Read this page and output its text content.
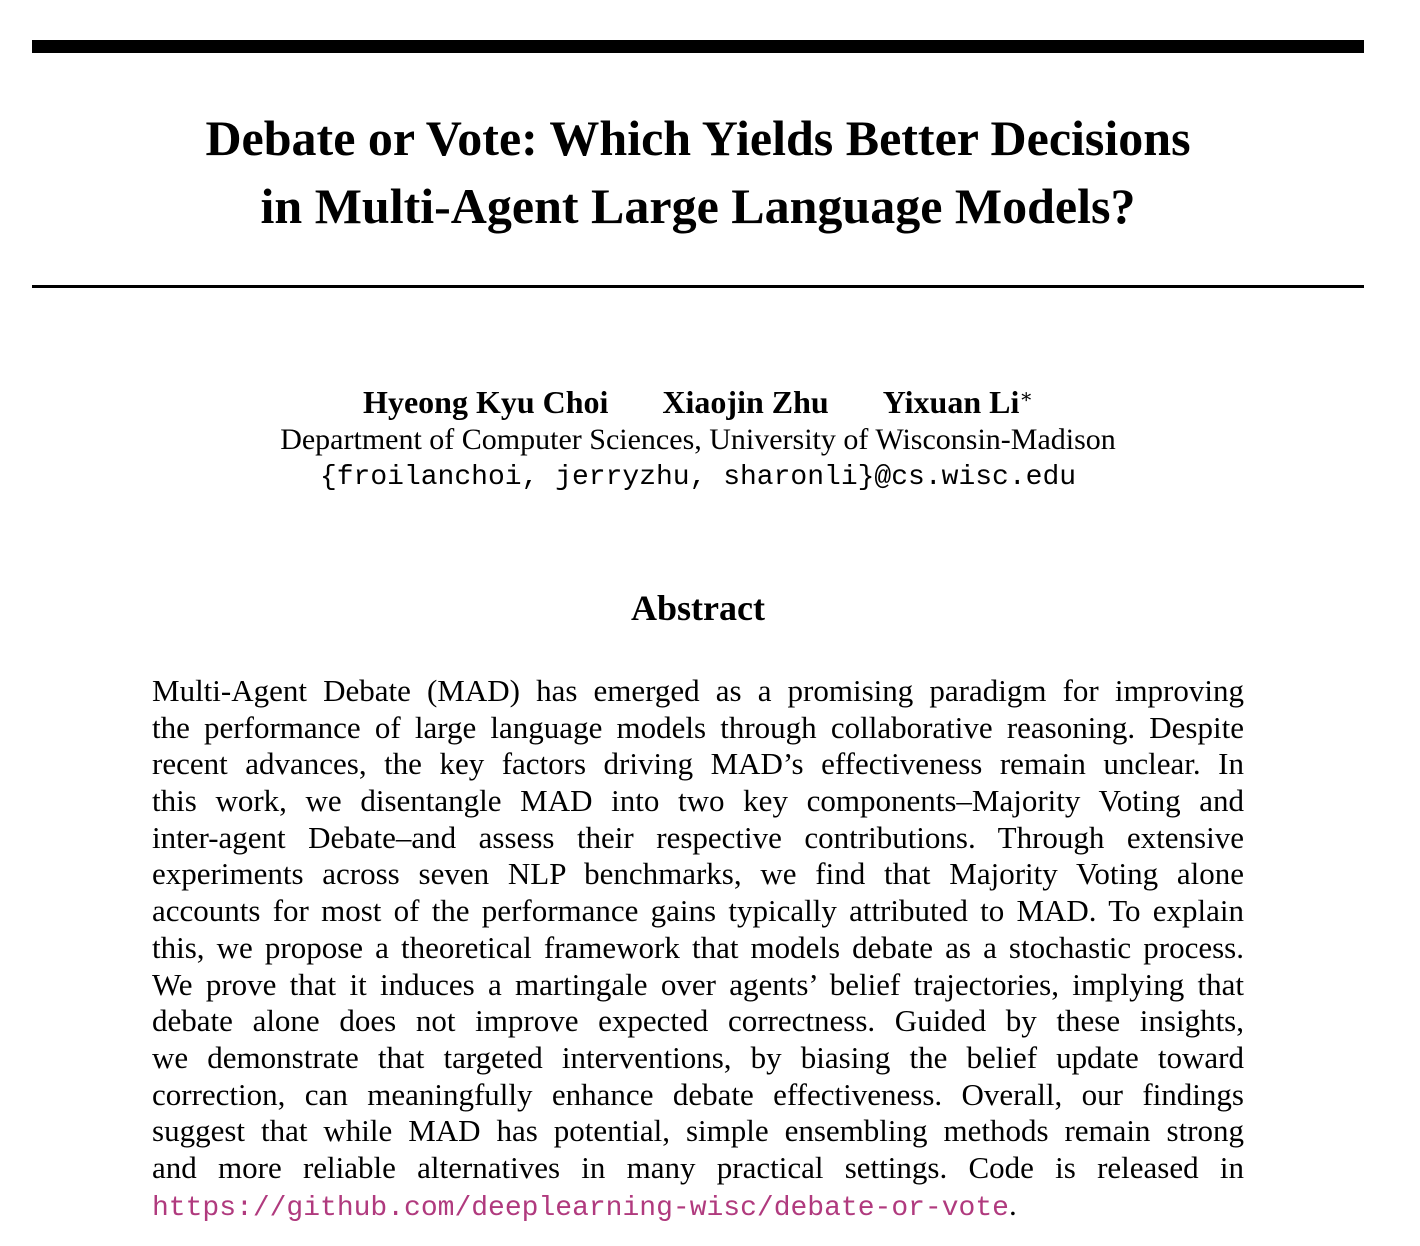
Debate or Vote: Which Yields Better Decisions
in Multi-Agent Large Language Models?
Hyeong Kyu Choi Xiaojin Zhu Yixuan Li∗
Department of Computer Sciences, University of Wisconsin-Madison
{froilanchoi, jerryzhu, sharonli}@cs.wisc.edu
Abstract
Multi-Agent Debate (MAD) has emerged as a promising paradigm for improving
the performance of large language models through collaborative reasoning. Despite
recent advances, the key factors driving MAD’s effectiveness remain unclear. In
this work, we disentangle MAD into two key components–Majority Voting and
inter-agent Debate–and assess their respective contributions. Through extensive
experiments across seven NLP benchmarks, we find that Majority Voting alone
accounts for most of the performance gains typically attributed to MAD. To explain
this, we propose a theoretical framework that models debate as a stochastic process.
We prove that it induces a martingale over agents’ belief trajectories, implying that
debate alone does not improve expected correctness. Guided by these insights,
we demonstrate that targeted interventions, by biasing the belief update toward
correction, can meaningfully enhance debate effectiveness. Overall, our findings
suggest that while MAD has potential, simple ensembling methods remain strong
and more reliable alternatives in many practical settings. Code is released in
https://github.com/deeplearning-wisc/debate-or-vote.
